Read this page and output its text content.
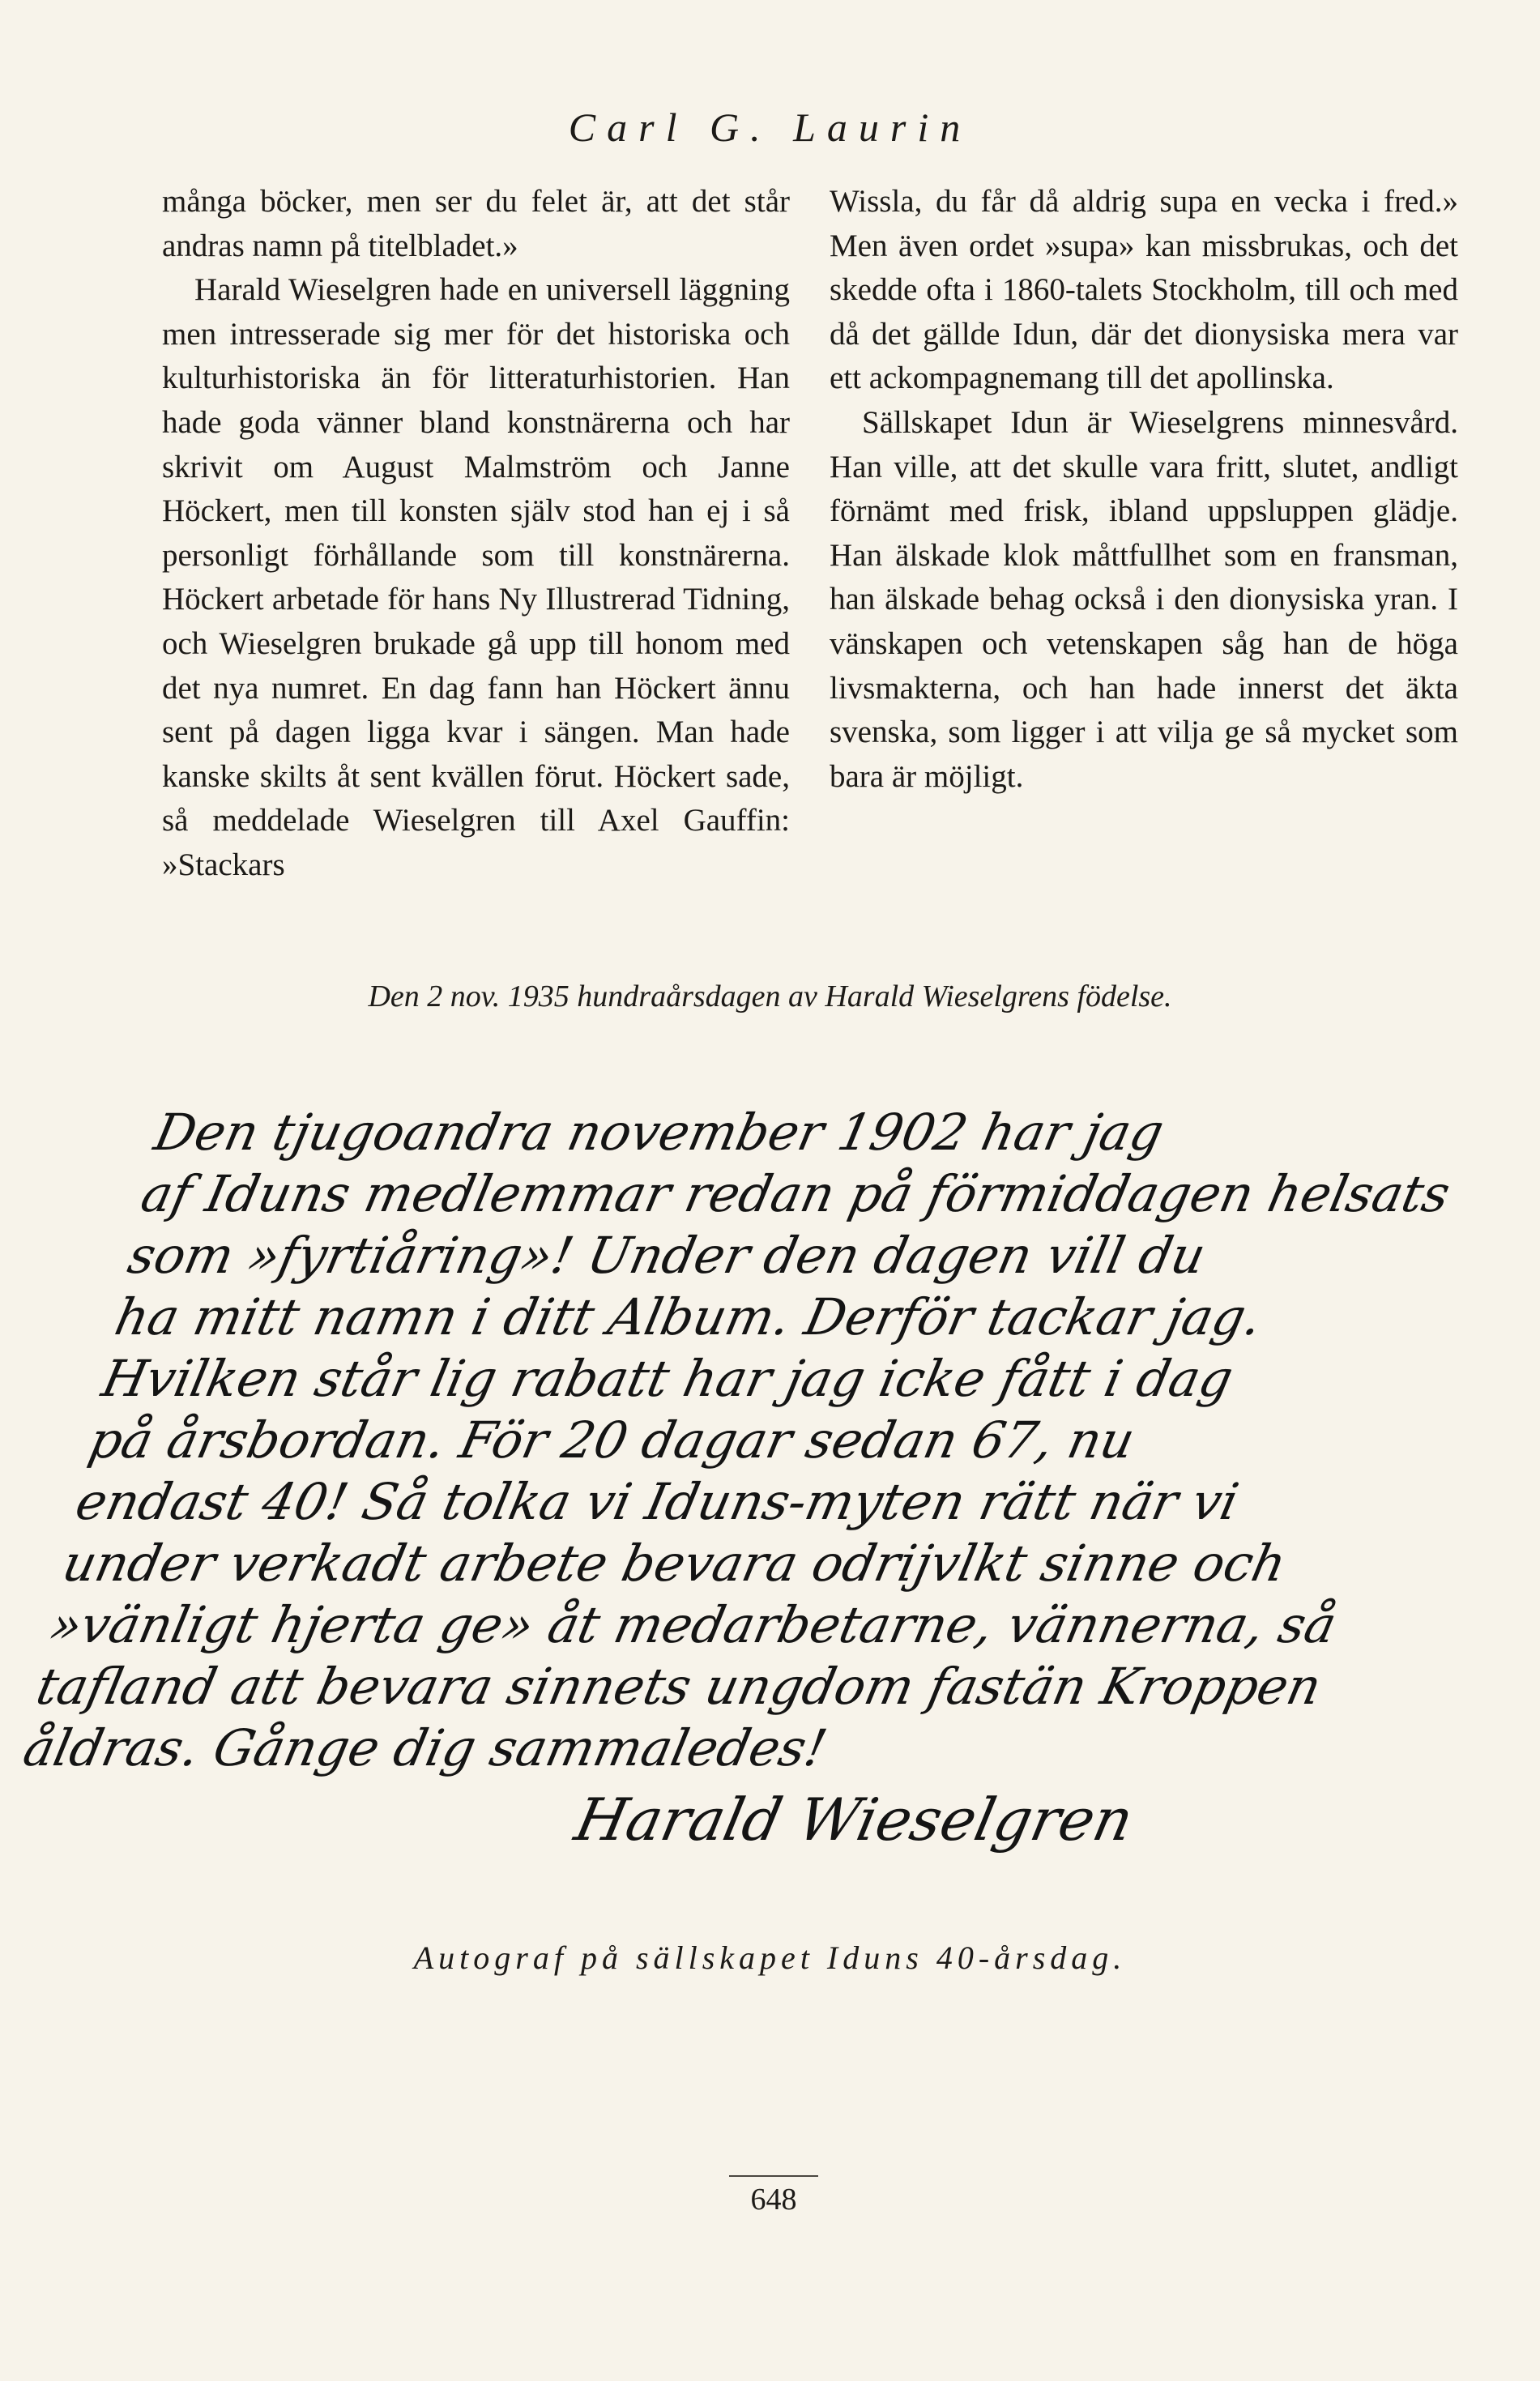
Carl G. Laurin

många böcker, men ser du felet är, att det står andras namn på titelbladet.»

Harald Wieselgren hade en universell läggning men intresserade sig mer för det historiska och kulturhistoriska än för litteraturhistorien. Han hade goda vänner bland konstnärerna och har skrivit om August Malmström och Janne Höckert, men till konsten själv stod han ej i så personligt förhållande som till konstnärerna. Höckert arbetade för hans Ny Illustrerad Tidning, och Wieselgren brukade gå upp till honom med det nya numret. En dag fann han Höckert ännu sent på dagen ligga kvar i sängen. Man hade kanske skilts åt sent kvällen förut. Höckert sade, så meddelade Wieselgren till Axel Gauffin: »Stackars

Wissla, du får då aldrig supa en vecka i fred.» Men även ordet »supa» kan missbrukas, och det skedde ofta i 1860-talets Stockholm, till och med då det gällde Idun, där det dionysiska mera var ett ackompagnemang till det apollinska.

Sällskapet Idun är Wieselgrens minnesvård. Han ville, att det skulle vara fritt, slutet, andligt förnämt med frisk, ibland uppsluppen glädje. Han älskade klok måttfullhet som en fransman, han älskade behag också i den dionysiska yran. I vänskapen och vetenskapen såg han de höga livsmakterna, och han hade innerst det äkta svenska, som ligger i att vilja ge så mycket som bara är möjligt.

Den 2 nov. 1935 hundraårsdagen av Harald Wieselgrens födelse.
Den tjugoandra november 1902 har jag
af Iduns medlemmar redan på förmiddagen helsats
som »fyrtiåring»! Under den dagen vill du
ha mitt namn i ditt Album. Derför tackar jag.
Hvilken står lig rabatt har jag icke fått i dag
på årsbordan. För 20 dagar sedan 67, nu
endast 40! Så tolka vi Iduns-myten rätt när vi
under verkadt arbete bevara odrijvlkt sinne och
»vänligt hjerta ge» åt medarbetarne, vännerna, så
tafland att bevara sinnets ungdom fastän Kroppen
åldras. Gånge dig sammaledes!
Harald Wieselgren
Autograf på sällskapet Iduns 40-årsdag.
648
